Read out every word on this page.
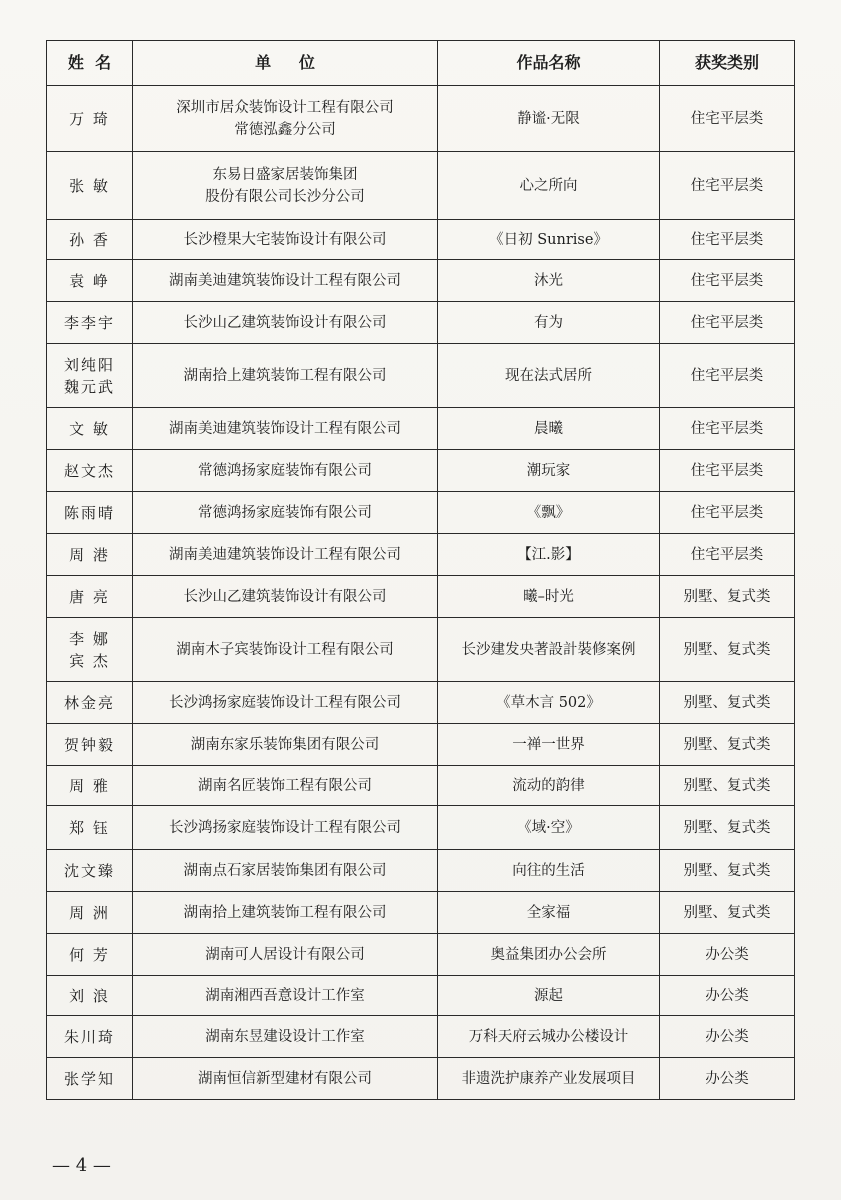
姓  名	单     位	作品名称	获奖类别
万 琦	深圳市居众装饰设计工程有限公司
常德泓鑫分公司	静谧·无限	住宅平层类
张 敏	东易日盛家居装饰集团
股份有限公司长沙分公司	心之所向	住宅平层类
孙 香	长沙橙果大宅装饰设计有限公司	《日初 Sunrise》	住宅平层类
袁 峥	湖南美迪建筑装饰设计工程有限公司	沐光	住宅平层类
李李宇	长沙山乙建筑装饰设计有限公司	有为	住宅平层类
刘纯阳
魏元武	湖南拾上建筑装饰工程有限公司	现在法式居所	住宅平层类
文 敏	湖南美迪建筑装饰设计工程有限公司	晨曦	住宅平层类
赵文杰	常德鸿扬家庭装饰有限公司	潮玩家	住宅平层类
陈雨晴	常德鸿扬家庭装饰有限公司	《飘》	住宅平层类
周 港	湖南美迪建筑装饰设计工程有限公司	【江.影】	住宅平层类
唐 亮	长沙山乙建筑装饰设计有限公司	曦–时光	别墅、复式类
李 娜
宾 杰	湖南木子宾装饰设计工程有限公司	长沙建发央著設計裝修案例	别墅、复式类
林金亮	长沙鸿扬家庭装饰设计工程有限公司	《草木言 502》	别墅、复式类
贺钟毅	湖南东家乐装饰集团有限公司	一禅一世界	别墅、复式类
周 雅	湖南名匠装饰工程有限公司	流动的韵律	别墅、复式类
郑 钰	长沙鸿扬家庭装饰设计工程有限公司	《域·空》	别墅、复式类
沈文臻	湖南点石家居装饰集团有限公司	向往的生活	别墅、复式类
周 洲	湖南拾上建筑装饰工程有限公司	全家福	别墅、复式类
何 芳	湖南可人居设计有限公司	奥益集团办公会所	办公类
刘 浪	湖南湘西吾意设计工作室	源起	办公类
朱川琦	湖南东昱建设设计工作室	万科天府云城办公楼设计	办公类
张学知	湖南恒信新型建材有限公司	非遗洗护康养产业发展项目	办公类
— 4 —
